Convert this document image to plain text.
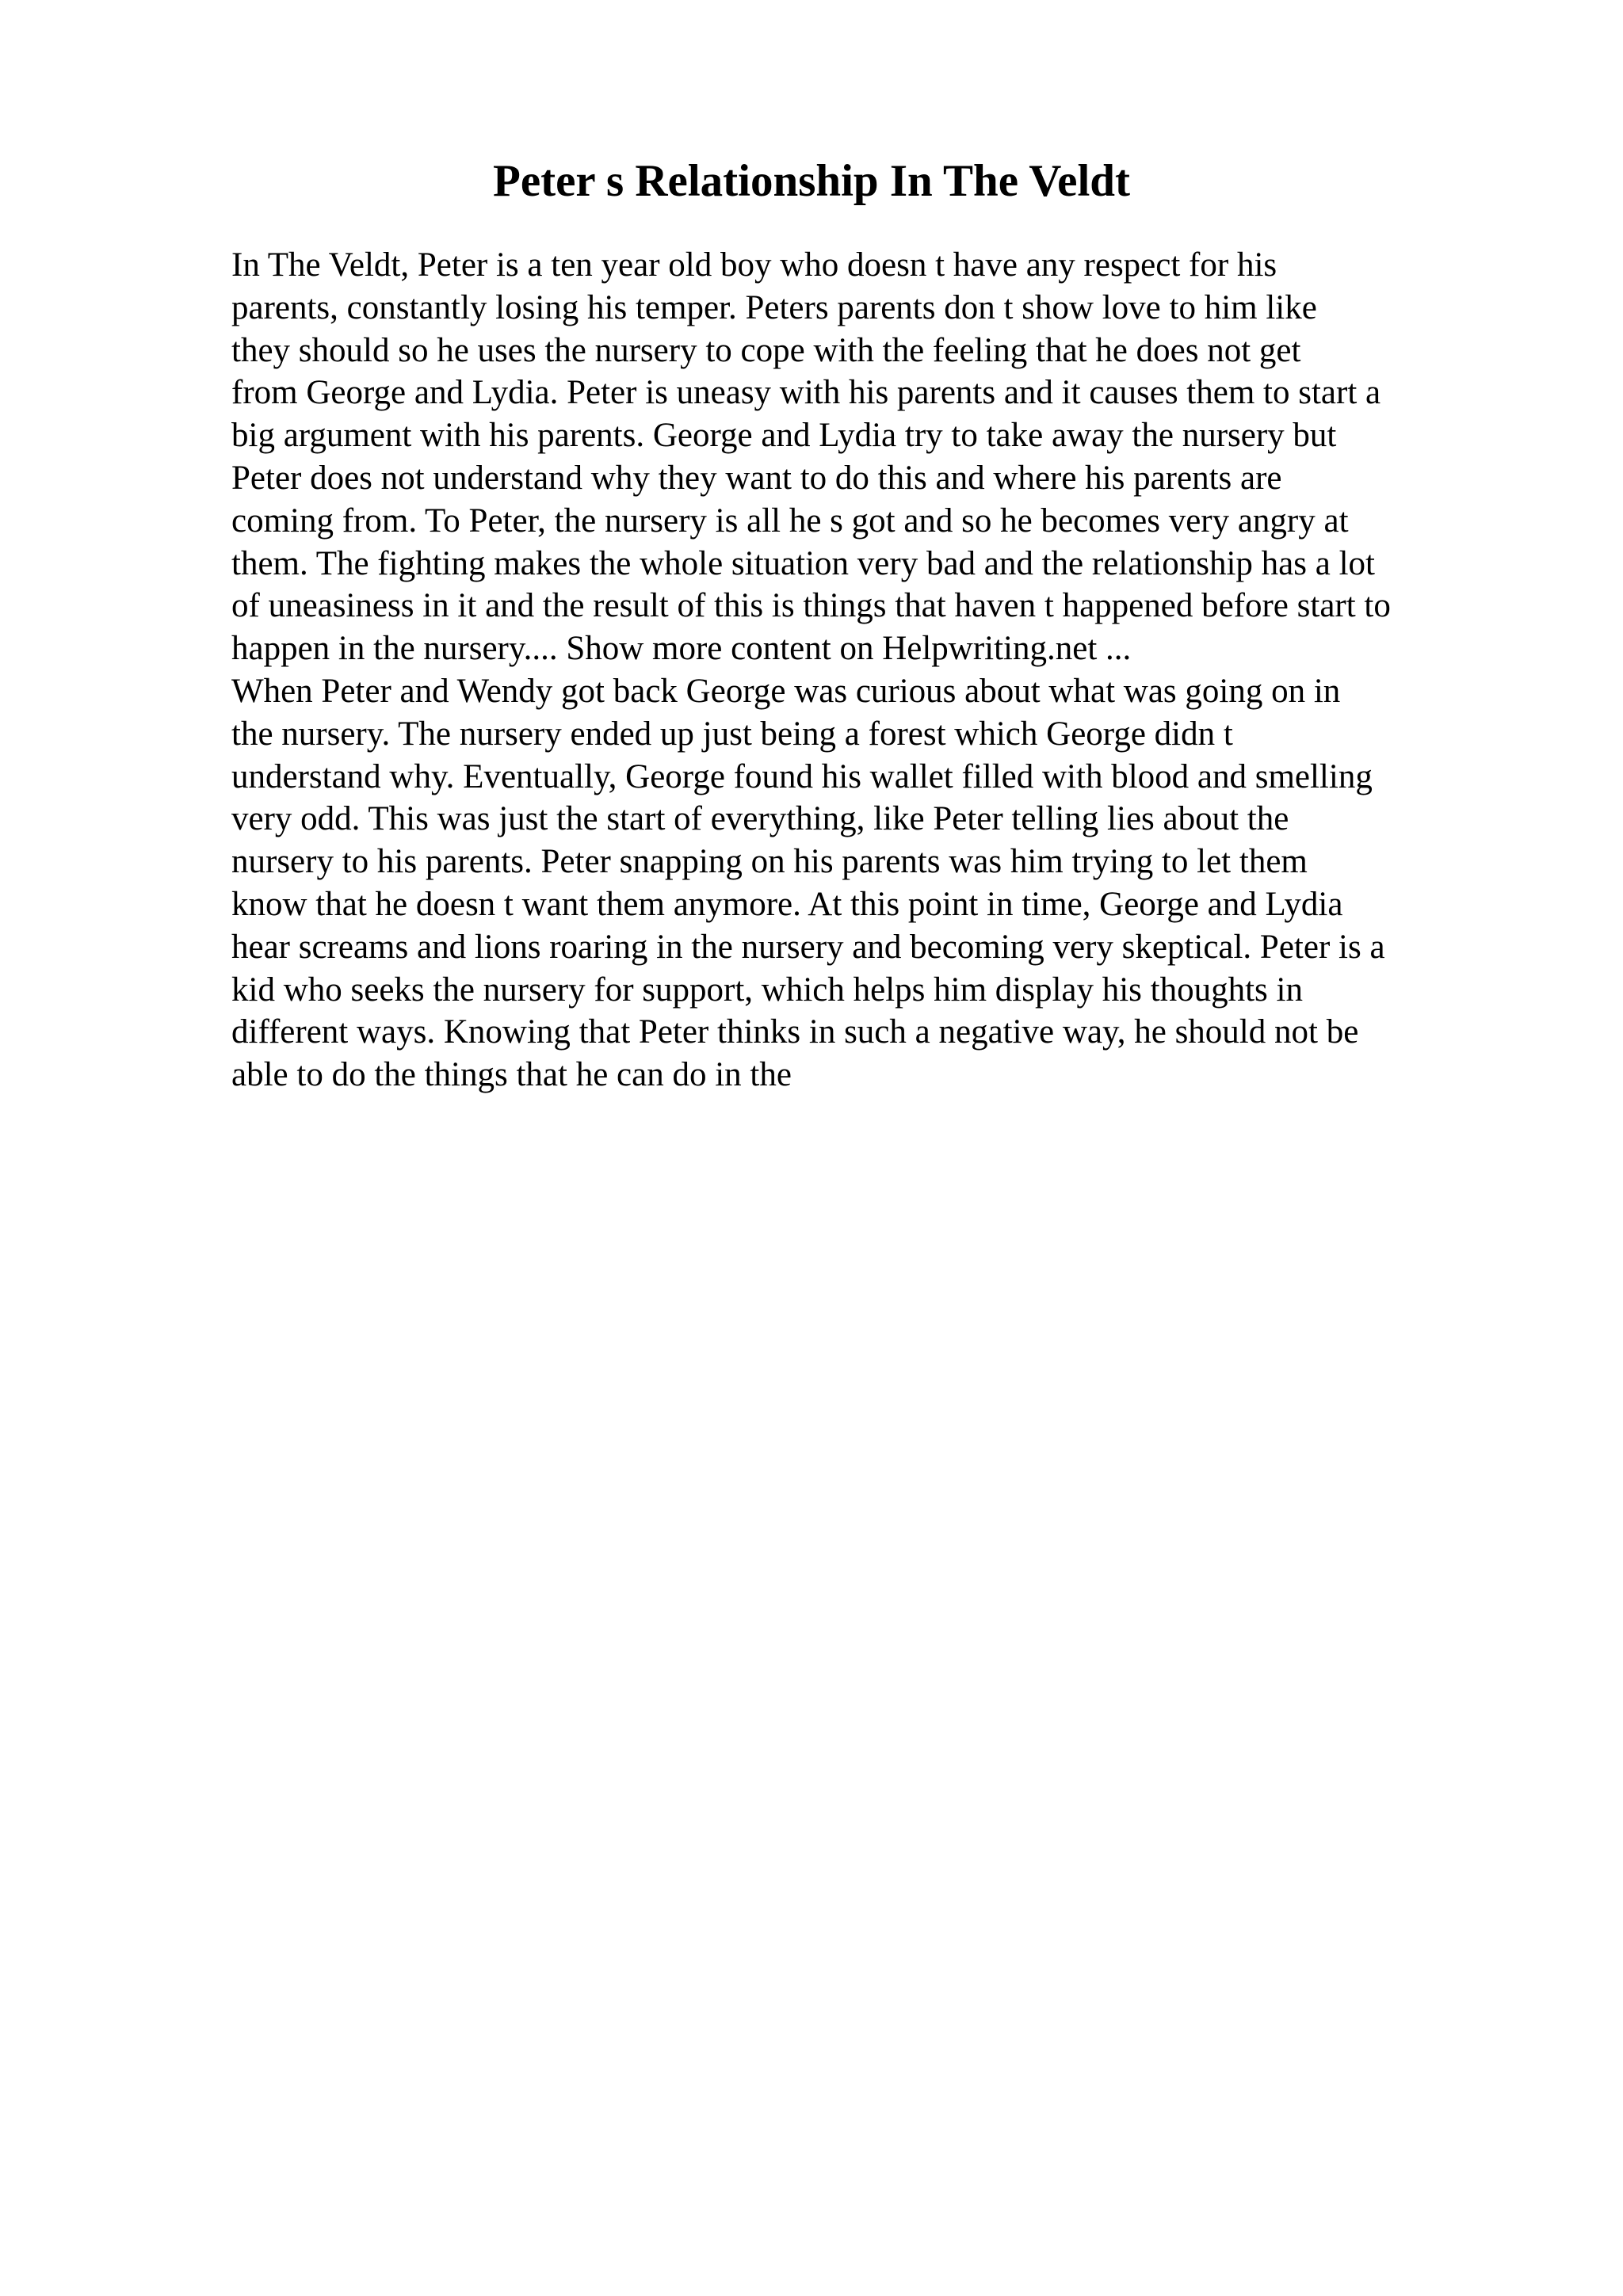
Peter s Relationship In The Veldt
In The Veldt, Peter is a ten year old boy who doesn t have any respect for his
parents, constantly losing his temper. Peters parents don t show love to him like
they should so he uses the nursery to cope with the feeling that he does not get
from George and Lydia. Peter is uneasy with his parents and it causes them to start a
big argument with his parents. George and Lydia try to take away the nursery but
Peter does not understand why they want to do this and where his parents are
coming from. To Peter, the nursery is all he s got and so he becomes very angry at
them. The fighting makes the whole situation very bad and the relationship has a lot
of uneasiness in it and the result of this is things that haven t happened before start to
happen in the nursery.... Show more content on Helpwriting.net ...
When Peter and Wendy got back George was curious about what was going on in
the nursery. The nursery ended up just being a forest which George didn t
understand why. Eventually, George found his wallet filled with blood and smelling
very odd. This was just the start of everything, like Peter telling lies about the
nursery to his parents. Peter snapping on his parents was him trying to let them
know that he doesn t want them anymore. At this point in time, George and Lydia
hear screams and lions roaring in the nursery and becoming very skeptical. Peter is a
kid who seeks the nursery for support, which helps him display his thoughts in
different ways. Knowing that Peter thinks in such a negative way, he should not be
able to do the things that he can do in the
